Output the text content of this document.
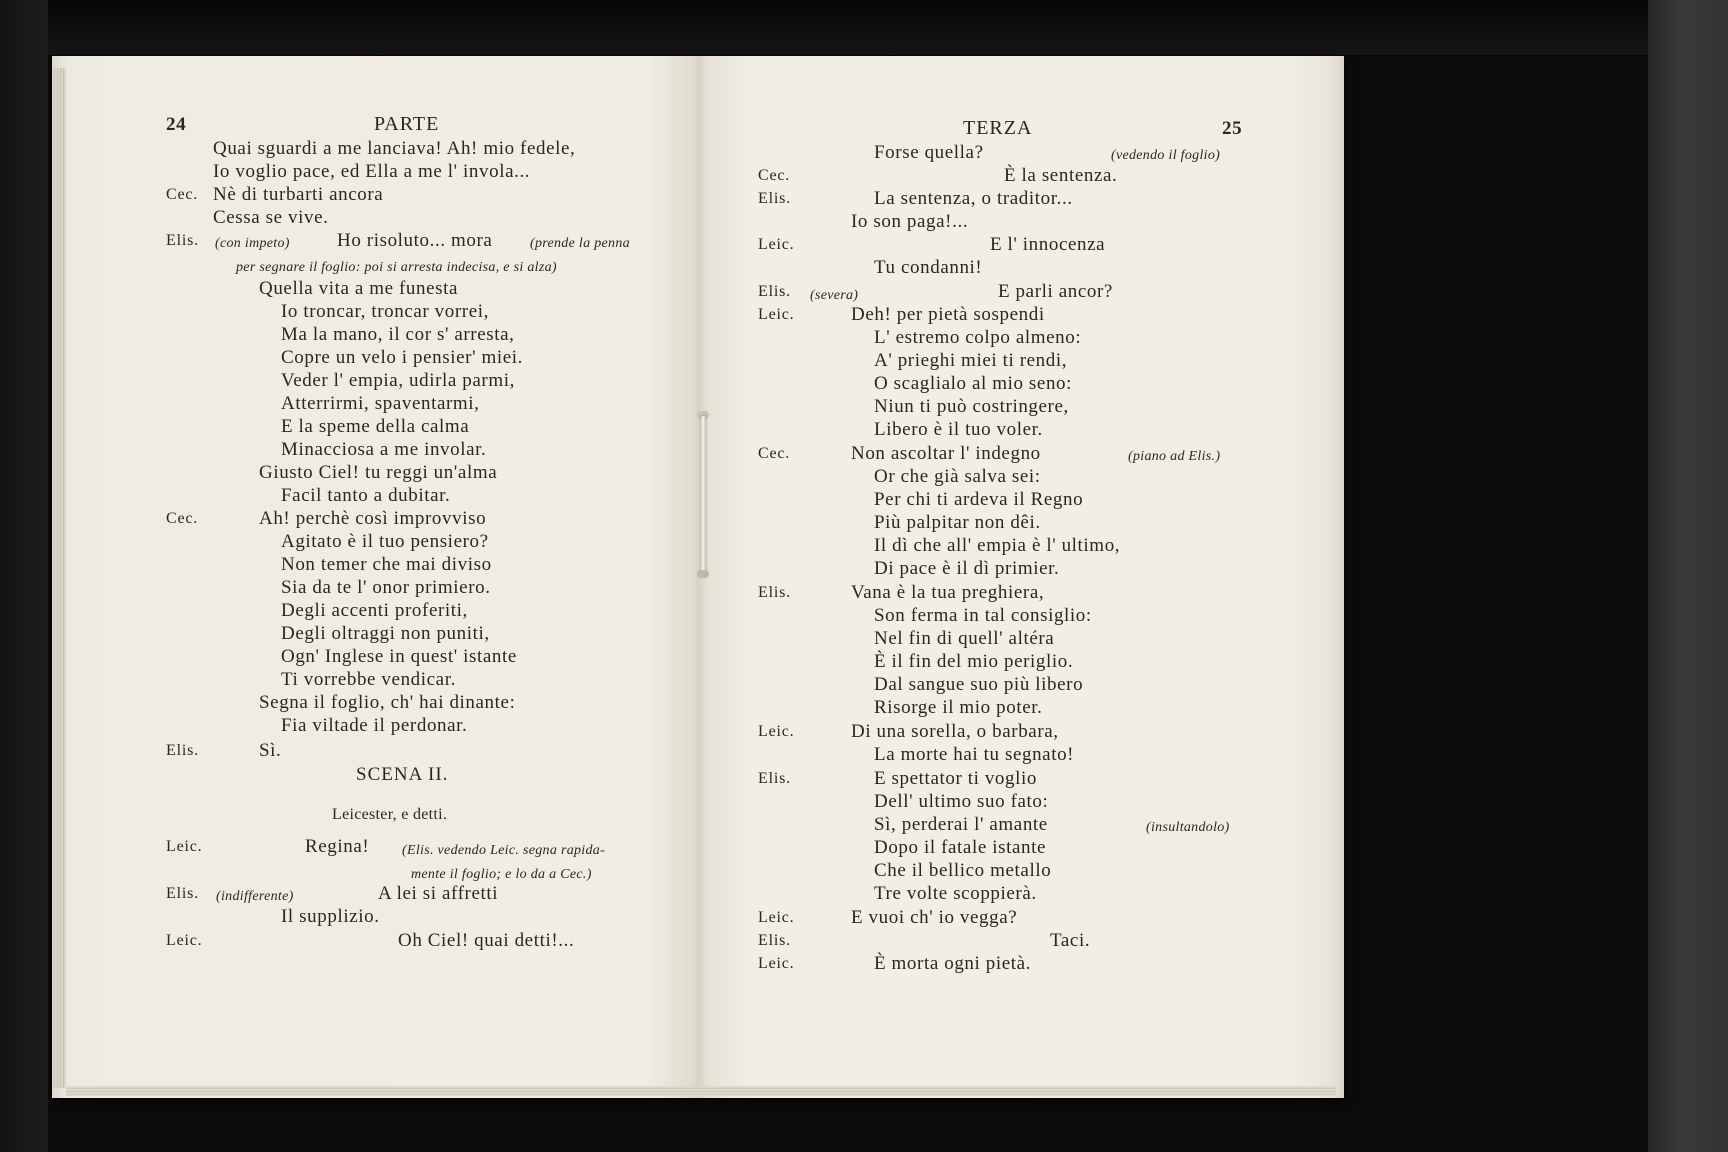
24	PARTE
Quai sguardi a me lanciava! Ah! mio fedele,
Io voglio pace, ed Ella a me l' invola...
Cec. Nè di turbarti ancora
Cessa se vive.
Elis. (con impeto) Ho risoluto... mora	(prende la penna
per segnare il foglio: poi si arresta indecisa, e si alza)
Quella vita a me funesta
Io troncar, troncar vorrei,
Ma la mano, il cor s' arresta,
Copre un velo i pensier' miei.
Veder l' empia, udirla parmi,
Atterrirmi, spaventarmi,
E la speme della calma
Minacciosa a me involar.
Giusto Ciel! tu reggi un'alma
Facil tanto a dubitar.
Cec.	Ah! perchè così improvviso
Agitato è il tuo pensiero?
Non temer che mai diviso
Sia da te l' onor primiero.
Degli accenti proferiti,
Degli oltraggi non puniti,
Ogn' Inglese in quest' istante
Ti vorrebbe vendicar.
Segna il foglio, ch' hai dinante:
Fia viltade il perdonar.
Elis.	Sì.
SCENA II.
Leicester, e detti.
Leic.	Regina! (Elis. vedendo Leic. segna rapida-
mente il foglio; e lo da a Cec.)
Elis. (indifferente)	A lei si affretti
Il supplizio.
Leic.	Oh Ciel! quai detti!...
TERZA	25
Forse quella?	(vedendo il foglio)
Cec.	È la sentenza.
Elis.	La sentenza, o traditor...
Io son paga!...
Leic.	E l' innocenza
Tu condanni!
Elis. (severa)	E parli ancor?
Leic.	Deh! per pietà sospendi
L' estremo colpo almeno:
A' prieghi miei ti rendi,
O scaglialo al mio seno:
Niun ti può costringere,
Libero è il tuo voler.
Cec.	Non ascoltar l' indegno	(piano ad Elis.)
Or che già salva sei:
Per chi ti ardeva il Regno
Più palpitar non dêi.
Il dì che all' empia è l' ultimo,
Di pace è il dì primier.
Elis.	Vana è la tua preghiera,
Son ferma in tal consiglio:
Nel fin di quell' altéra
È il fin del mio periglio.
Dal sangue suo più libero
Risorge il mio poter.
Leic.	Di una sorella, o barbara,
La morte hai tu segnato!
Elis.	E spettator ti voglio
Dell' ultimo suo fato:
Sì, perderai l' amante	(insultandolo)
Dopo il fatale istante
Che il bellico metallo
Tre volte scoppierà.
Leic.	E vuoi ch' io vegga?
Elis.	Taci.
Leic.	È morta ogni pietà.
